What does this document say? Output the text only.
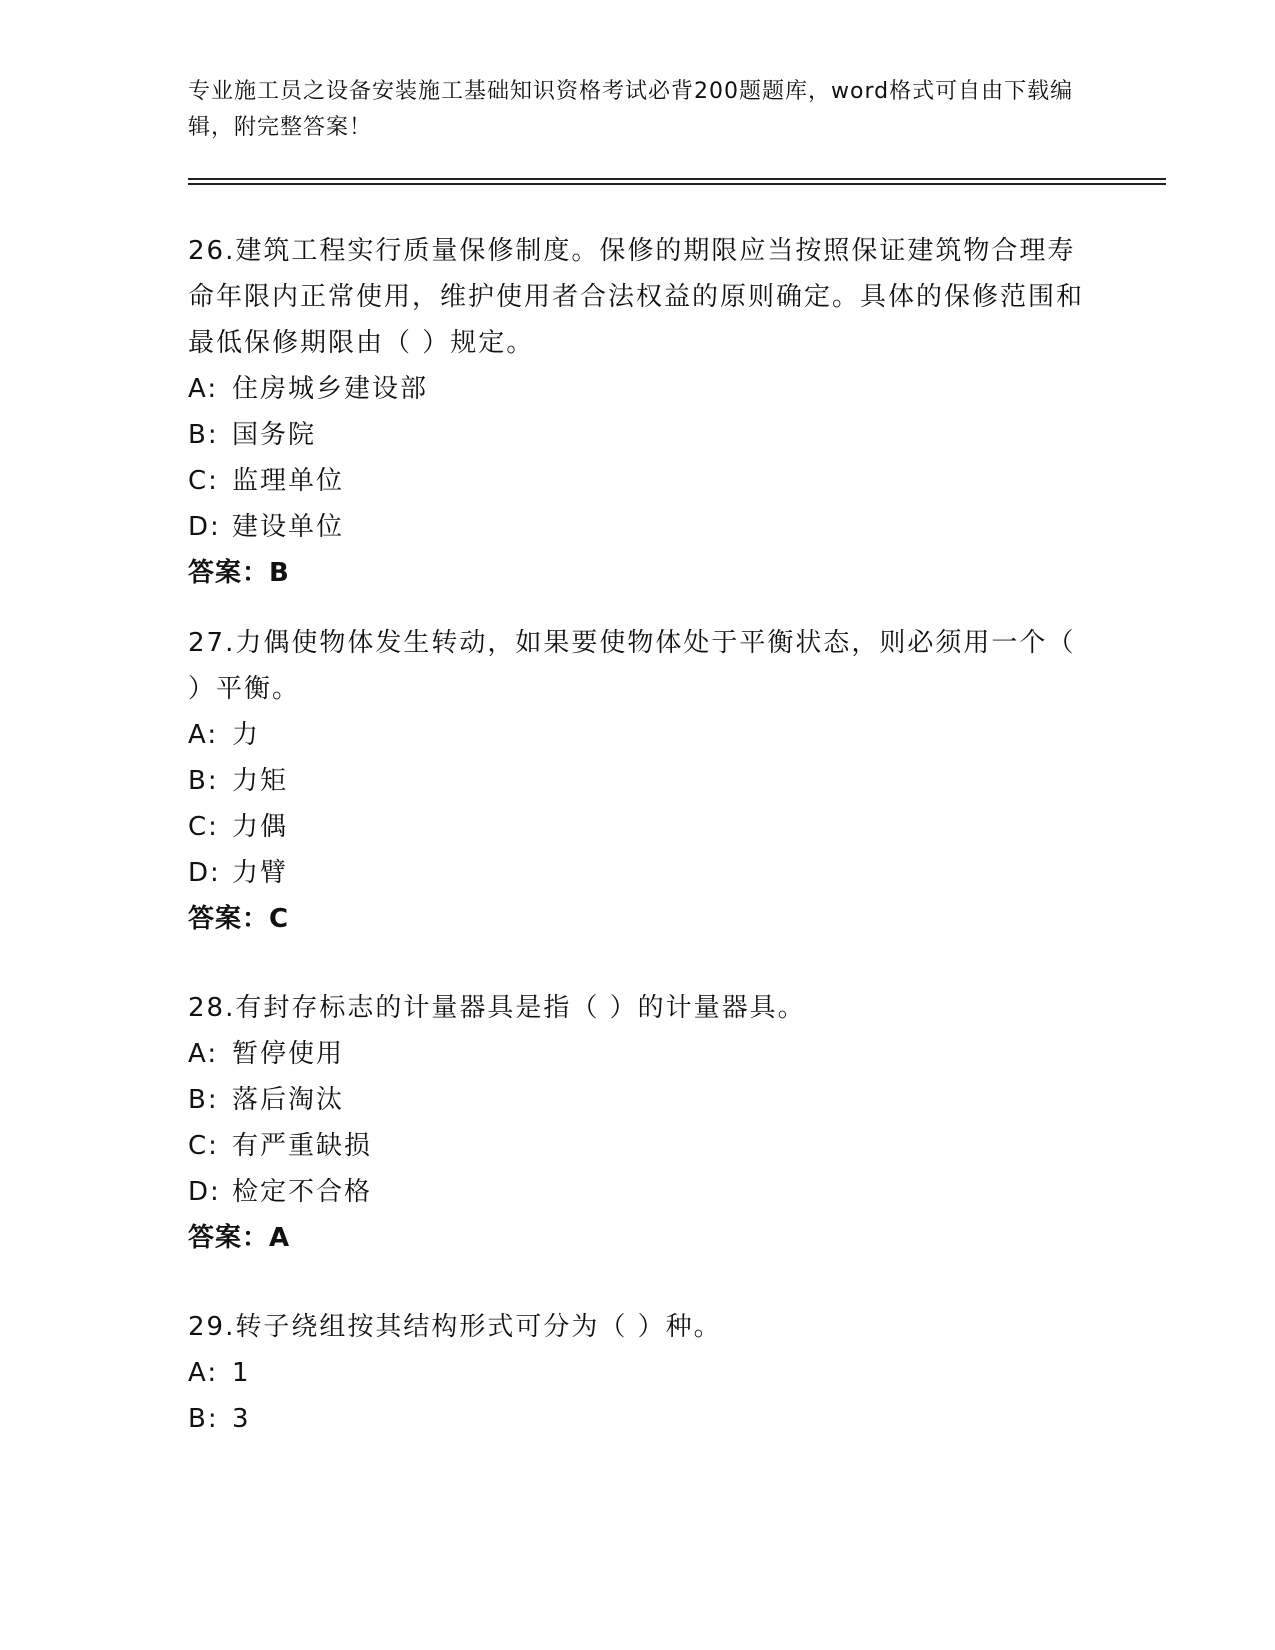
专业施工员之设备安装施工基础知识资格考试必背200题题库，word格式可自由下载编辑，附完整答案！
26.建筑工程实行质量保修制度。保修的期限应当按照保证建筑物合理寿命年限内正常使用，维护使用者合法权益的原则确定。具体的保修范围和最低保修期限由（ ）规定。
A: 住房城乡建设部
B: 国务院
C: 监理单位
D: 建设单位
答案：B
27.力偶使物体发生转动，如果要使物体处于平衡状态，则必须用一个（ ）平衡。
A: 力
B: 力矩
C: 力偶
D: 力臂
答案：C
28.有封存标志的计量器具是指（ ）的计量器具。
A: 暂停使用
B: 落后淘汰
C: 有严重缺损
D: 检定不合格
答案：A
29.转子绕组按其结构形式可分为（ ）种。
A: 1
B: 3
